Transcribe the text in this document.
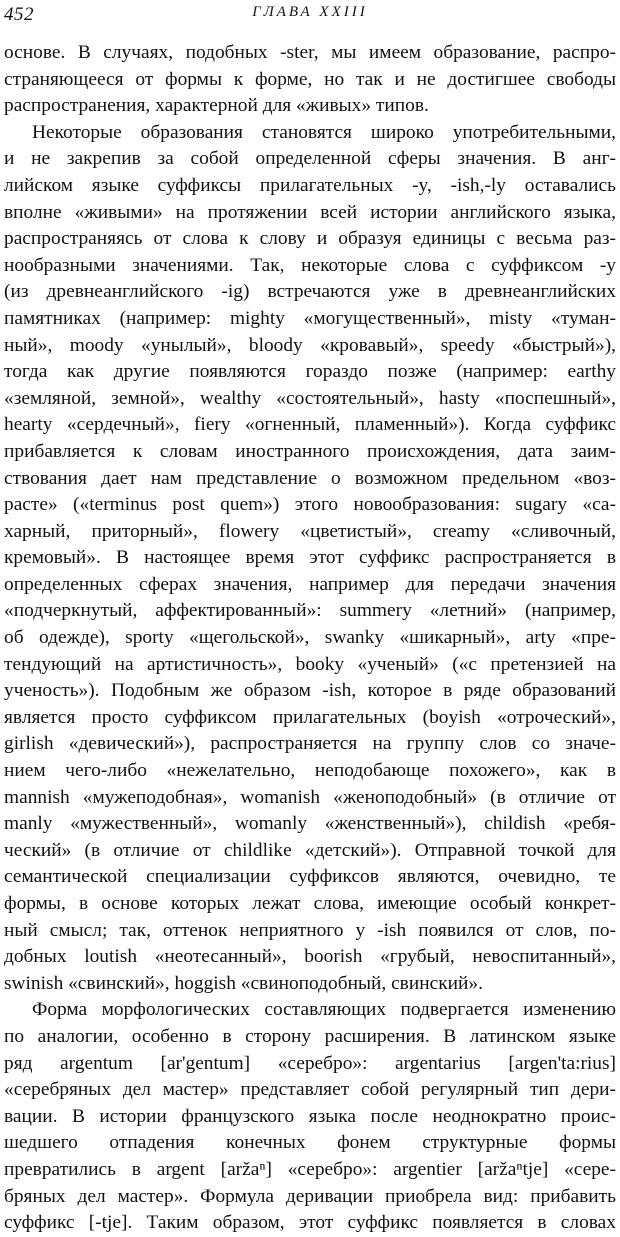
452	ГЛАВА XXIII
основе. В случаях, подобных -ster, мы имеем образование, распро-
страняющееся от формы к форме, но так и не достигшее свободы
распространения, характерной для «живых» типов.
Некоторые образования становятся широко употребительными,
и не закрепив за собой определенной сферы значения. В анг-
лийском языке суффиксы прилагательных -y, -ish,-ly оставались
вполне «живыми» на протяжении всей истории английского языка,
распространяясь от слова к слову и образуя единицы с весьма раз-
нообразными значениями. Так, некоторые слова с суффиксом -y
(из древнеанглийского -ig) встречаются уже в древнеанглийских
памятниках (например: mighty «могущественный», misty «туман-
ный», moody «унылый», bloody «кровавый», speedy «быстрый»),
тогда как другие появляются гораздо позже (например: earthy
«земляной, земной», wealthy «состоятельный», hasty «поспешный»,
hearty «сердечный», fiery «огненный, пламенный»). Когда суффикс
прибавляется к словам иностранного происхождения, дата заим-
ствования дает нам представление о возможном предельном «воз-
расте» («terminus post quem») этого новообразования: sugary «са-
харный, приторный», flowery «цветистый», creamy «сливочный,
кремовый». В настоящее время этот суффикс распространяется в
определенных сферах значения, например для передачи значения
«подчеркнутый, аффектированный»: summery «летний» (например,
об одежде), sporty «щегольской», swanky «шикарный», arty «пре-
тендующий на артистичность», booky «ученый» («с претензией на
ученость»). Подобным же образом -ish, которое в ряде образований
является просто суффиксом прилагательных (boyish «отроческий»,
girlish «девический»), распространяется на группу слов со значе-
нием чего-либо «нежелательно, неподобающе похожего», как в
mannish «мужеподобная», womanish «женоподобный» (в отличие от
manly «мужественный», womanly «женственный»), childish «ребя-
ческий» (в отличие от childlike «детский»). Отправной точкой для
семантической специализации суффиксов являются, очевидно, те
формы, в основе которых лежат слова, имеющие особый конкрет-
ный смысл; так, оттенок неприятного у -ish появился от слов, по-
добных loutish «неотесанный», boorish «грубый, невоспитанный»,
swinish «свинский», hoggish «свиноподобный, свинский».
Форма морфологических составляющих подвергается изменению
по аналогии, особенно в сторону расширения. В латинском языке
ряд argentum [ar'gentum] «серебро»: argentarius [argen'ta:rius]
«серебряных дел мастер» представляет собой регулярный тип дери-
вации. В истории французского языка после неоднократно проис-
шедшего отпадения конечных фонем структурные формы
превратились в argent [aržaⁿ] «серебро»: argentier [aržaⁿtje] «сере-
бряных дел мастер». Формула деривации приобрела вид: прибавить
суффикс [-tje]. Таким образом, этот суффикс появляется в словах
